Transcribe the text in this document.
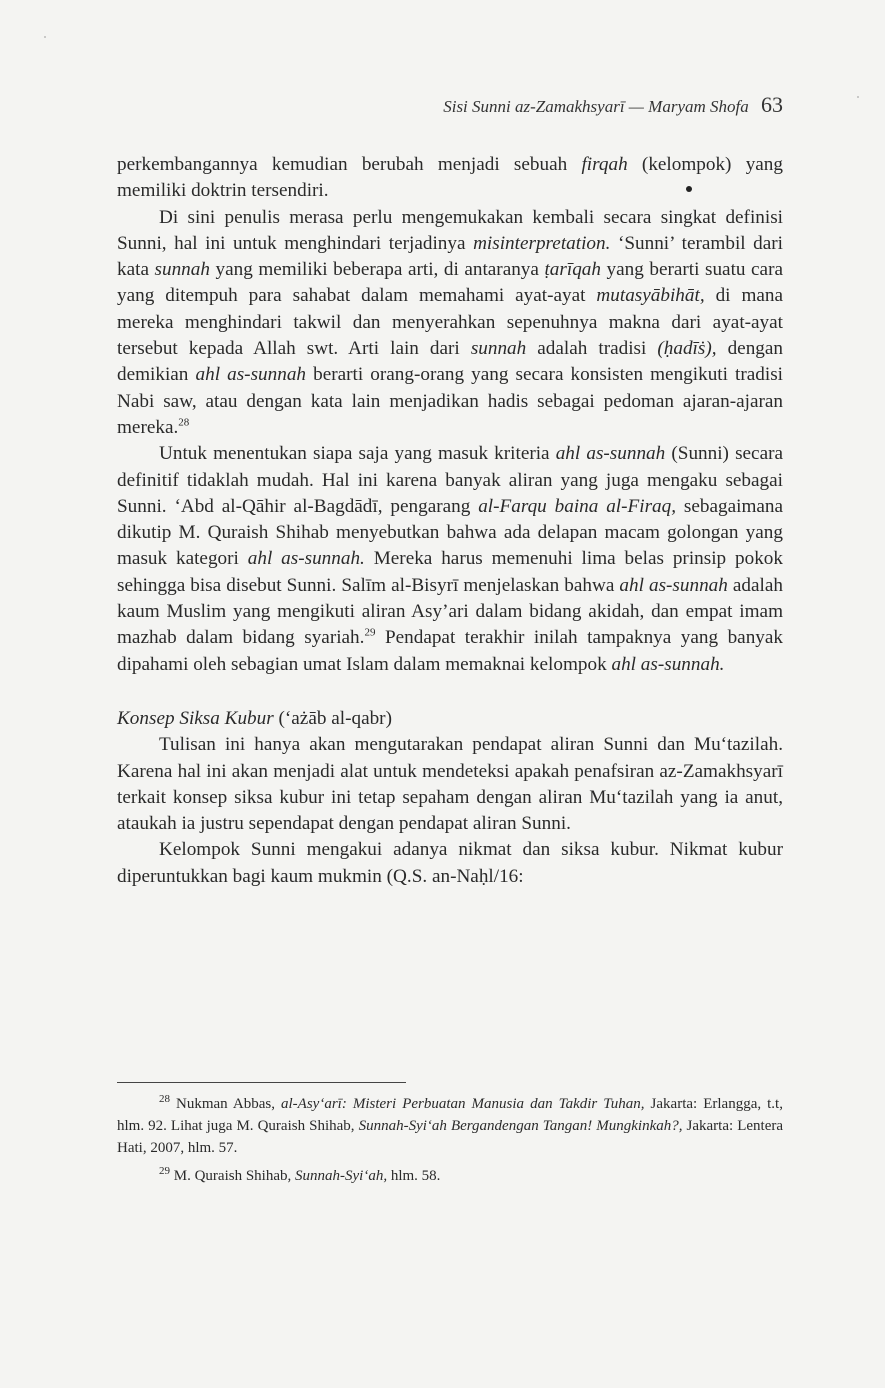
Sisi Sunni az-Zamakhsyarī — Maryam Shofa 63

perkembangannya kemudian berubah menjadi sebuah firqah (kelompok) yang memiliki doktrin tersendiri.

Di sini penulis merasa perlu mengemukakan kembali secara singkat definisi Sunni, hal ini untuk menghindari terjadinya misinterpretation. ‘Sunni’ terambil dari kata sunnah yang memiliki beberapa arti, di antaranya ṭarīqah yang berarti suatu cara yang ditempuh para sahabat dalam memahami ayat-ayat mutasyābihāt, di mana mereka menghindari takwil dan menyerahkan sepenuhnya makna dari ayat-ayat tersebut kepada Allah swt. Arti lain dari sunnah adalah tradisi (ḥadīṡ), dengan demikian ahl as-sunnah berarti orang-orang yang secara konsisten mengikuti tradisi Nabi saw, atau dengan kata lain menjadikan hadis sebagai pedoman ajaran-ajaran mereka.$^{28}$

Untuk menentukan siapa saja yang masuk kriteria ahl as-sunnah (Sunni) secara definitif tidaklah mudah. Hal ini karena banyak aliran yang juga mengaku sebagai Sunni. ‘Abd al-Qāhir al-Bagdādī, pengarang al-Farqu baina al-Firaq, sebagaimana dikutip M. Quraish Shihab menyebutkan bahwa ada delapan macam golongan yang masuk kategori ahl as-sunnah. Mereka harus memenuhi lima belas prinsip pokok sehingga bisa disebut Sunni. Salīm al-Bisyrī menjelaskan bahwa ahl as-sunnah adalah kaum Muslim yang mengikuti aliran Asy’ari dalam bidang akidah, dan empat imam mazhab dalam bidang syariah.$^{29}$ Pendapat terakhir inilah tampaknya yang banyak dipahami oleh sebagian umat Islam dalam memaknai kelompok ahl as-sunnah.

Konsep Siksa Kubur (‘ażāb al-qabr)

Tulisan ini hanya akan mengutarakan pendapat aliran Sunni dan Mu‘tazilah. Karena hal ini akan menjadi alat untuk mendeteksi apakah penafsiran az-Zamakhsyarī terkait konsep siksa kubur ini tetap sepaham dengan aliran Mu‘tazilah yang ia anut, ataukah ia justru sependapat dengan pendapat aliran Sunni.

Kelompok Sunni mengakui adanya nikmat dan siksa kubur. Nikmat kubur diperuntukkan bagi kaum mukmin (Q.S. an-Naḥl/16:

$^{28}$ Nukman Abbas, al-Asy‘arī: Misteri Perbuatan Manusia dan Takdir Tuhan, Jakarta: Erlangga, t.t, hlm. 92. Lihat juga M. Quraish Shihab, Sunnah-Syi‘ah Bergandengan Tangan! Mungkinkah?, Jakarta: Lentera Hati, 2007, hlm. 57.

$^{29}$ M. Quraish Shihab, Sunnah-Syi‘ah, hlm. 58.
